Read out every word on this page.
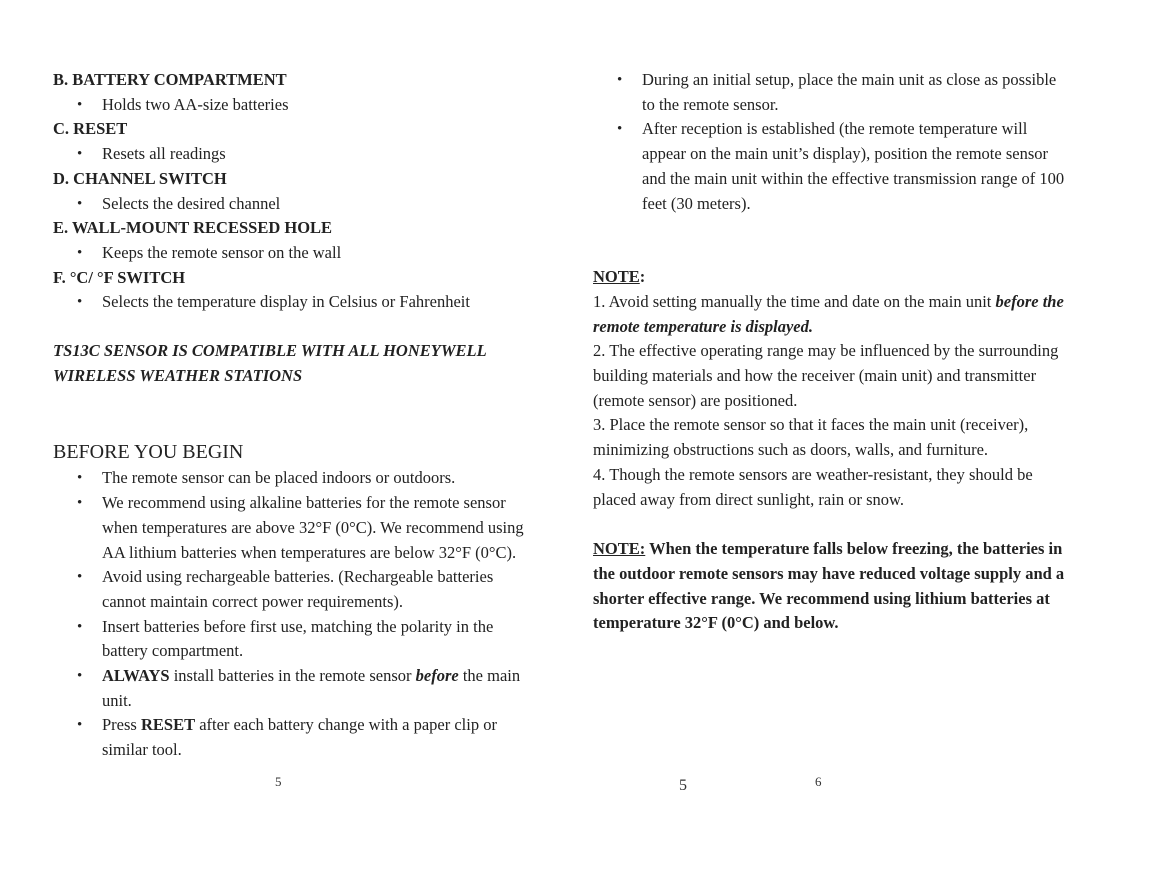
B. BATTERY COMPARTMENT
• Holds two AA-size batteries
C. RESET
• Resets all readings
D. CHANNEL SWITCH
• Selects the desired channel
E. WALL-MOUNT RECESSED HOLE
• Keeps the remote sensor on the wall
F. °C/ °F SWITCH
• Selects the temperature display in Celsius or Fahrenheit
TS13C SENSOR IS COMPATIBLE WITH ALL HONEYWELL
WIRELESS WEATHER STATIONS
BEFORE YOU BEGIN
• The remote sensor can be placed indoors or outdoors.
• We recommend using alkaline batteries for the remote sensor when temperatures are above 32°F (0°C). We recommend using AA lithium batteries when temperatures are below 32°F (0°C).
• Avoid using rechargeable batteries. (Rechargeable batteries cannot maintain correct power requirements).
• Insert batteries before first use, matching the polarity in the battery compartment.
• ALWAYS install batteries in the remote sensor before the main unit.
• Press RESET after each battery change with a paper clip or similar tool.
• During an initial setup, place the main unit as close as possible to the remote sensor.
• After reception is established (the remote temperature will appear on the main unit’s display), position the remote sensor and the main unit within the effective transmission range of 100 feet (30 meters).
NOTE:
1. Avoid setting manually the time and date on the main unit before the remote temperature is displayed.
2. The effective operating range may be influenced by the surrounding building materials and how the receiver (main unit) and transmitter (remote sensor) are positioned.
3. Place the remote sensor so that it faces the main unit (receiver), minimizing obstructions such as doors, walls, and furniture.
4. Though the remote sensors are weather-resistant, they should be placed away from direct sunlight, rain or snow.
NOTE: When the temperature falls below freezing, the batteries in the outdoor remote sensors may have reduced voltage supply and a shorter effective range. We recommend using lithium batteries at temperature 32°F (0°C) and below.
5	5	6
